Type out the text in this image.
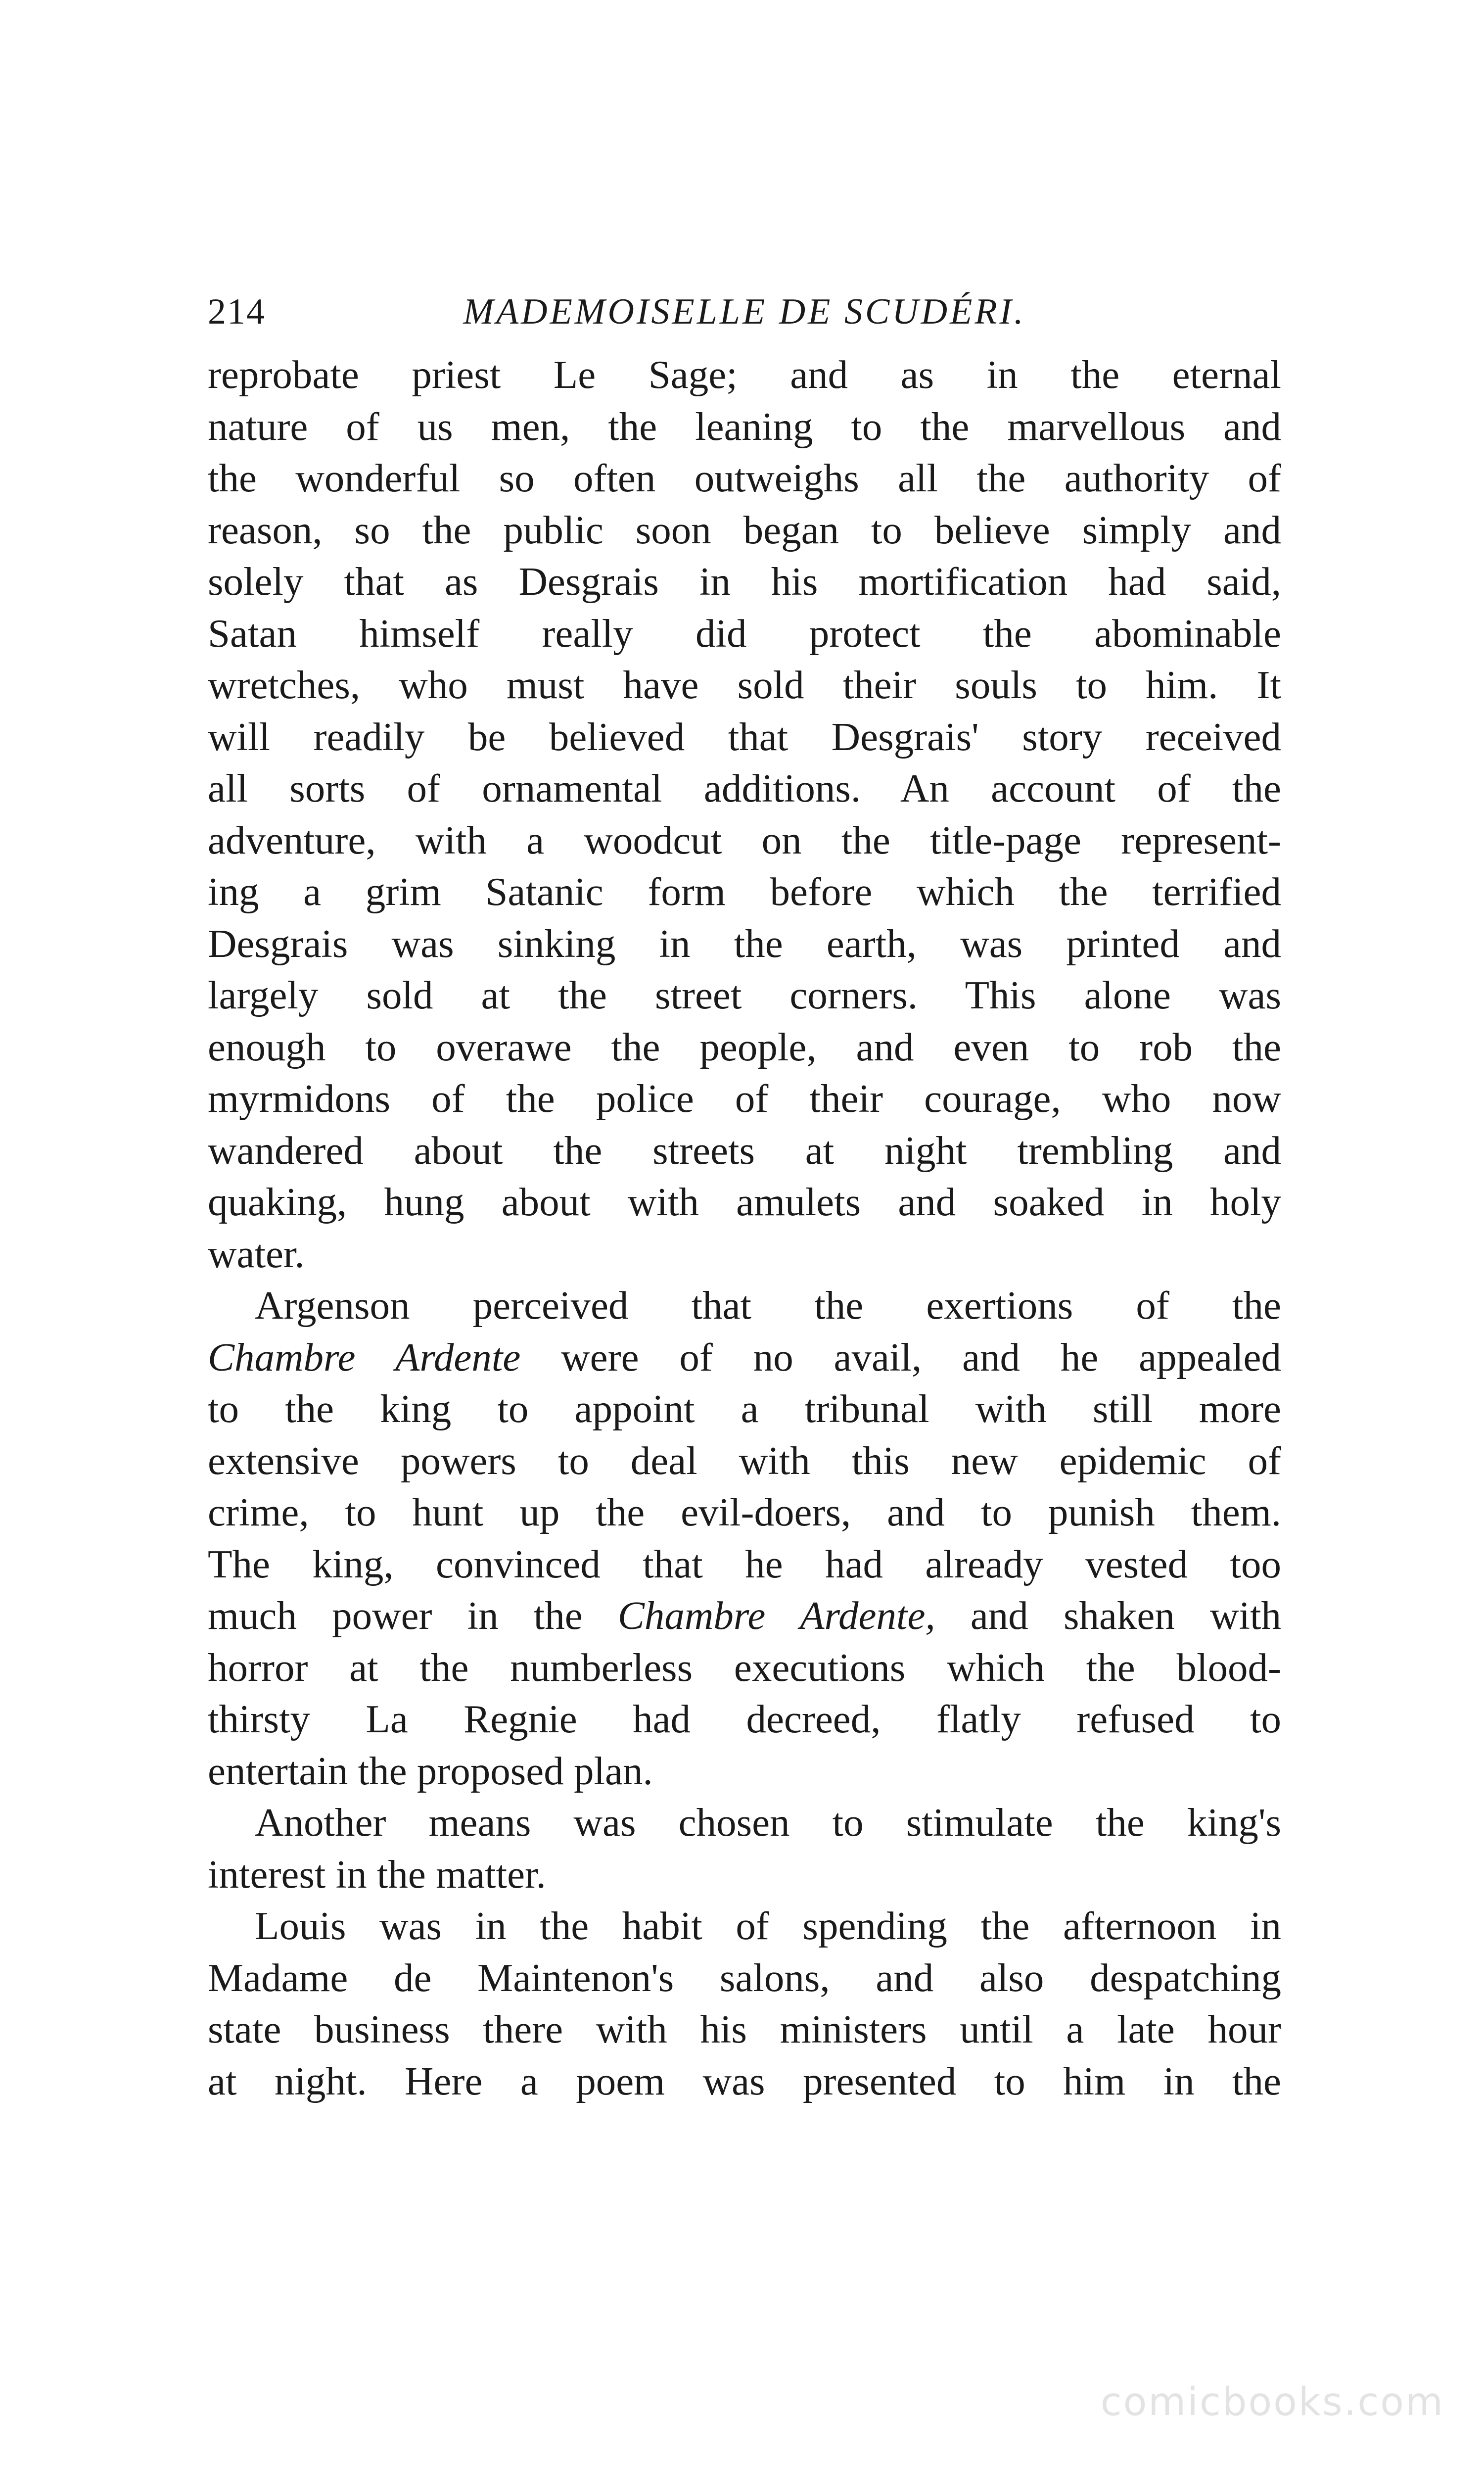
214	MADEMOISELLE DE SCUDÉRI.
reprobate priest Le Sage; and as in the eternal
nature of us men, the leaning to the marvellous and
the wonderful so often outweighs all the authority of
reason, so the public soon began to believe simply and
solely that as Desgrais in his mortification had said,
Satan himself really did protect the abominable
wretches, who must have sold their souls to him. It
will readily be believed that Desgrais' story received
all sorts of ornamental additions. An account of the
adventure, with a woodcut on the title-page represent-
ing a grim Satanic form before which the terrified
Desgrais was sinking in the earth, was printed and
largely sold at the street corners. This alone was
enough to overawe the people, and even to rob the
myrmidons of the police of their courage, who now
wandered about the streets at night trembling and
quaking, hung about with amulets and soaked in holy
water.
Argenson perceived that the exertions of the
Chambre Ardente were of no avail, and he appealed
to the king to appoint a tribunal with still more
extensive powers to deal with this new epidemic of
crime, to hunt up the evil-doers, and to punish them.
The king, convinced that he had already vested too
much power in the Chambre Ardente, and shaken with
horror at the numberless executions which the blood-
thirsty La Regnie had decreed, flatly refused to
entertain the proposed plan.
Another means was chosen to stimulate the king's
interest in the matter.
Louis was in the habit of spending the afternoon in
Madame de Maintenon's salons, and also despatching
state business there with his ministers until a late hour
at night. Here a poem was presented to him in the
comicbooks.com
